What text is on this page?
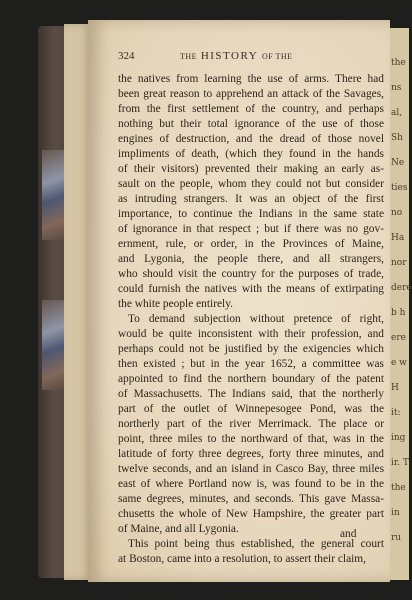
the
ns
al,
Sh
Ne
ties
no
Ha
nor
dere
b h
ere
e w
H
it:
ing
ir. T
the
in
ru
324	THE HISTORY OF THE
the natives from learning the use of arms. There had
been great reason to apprehend an attack of the Savages,
from the first settlement of the country, and perhaps
nothing but their total ignorance of the use of those
engines of destruction, and the dread of those novel
impliments of death, (which they found in the hands
of their visitors) prevented their making an early as-
sault on the people, whom they could not but consider
as intruding strangers. It was an object of the first
importance, to continue the Indians in the same state
of ignorance in that respect ; but if there was no gov-
ernment, rule, or order, in the Provinces of Maine,
and Lygonia, the people there, and all strangers,
who should visit the country for the purposes of trade,
could furnish the natives with the means of extirpating
the white people entirely.
To demand subjection without pretence of right,
would be quite inconsistent with their profession, and
perhaps could not be justified by the exigencies which
then existed ; but in the year 1652, a committee was
appointed to find the northern boundary of the patent
of Massachusetts. The Indians said, that the northerly
part of the outlet of Winnepesogee Pond, was the
northerly part of the river Merrimack. The place or
point, three miles to the northward of that, was in the
latitude of forty three degrees, forty three minutes, and
twelve seconds, and an island in Casco Bay, three miles
east of where Portland now is, was found to be in the
same degrees, minutes, and seconds. This gave Massa-
chusetts the whole of New Hampshire, the greater part
of Maine, and all Lygonia.
This point being thus established, the general court
at Boston, came into a resolution, to assert their claim,
and
